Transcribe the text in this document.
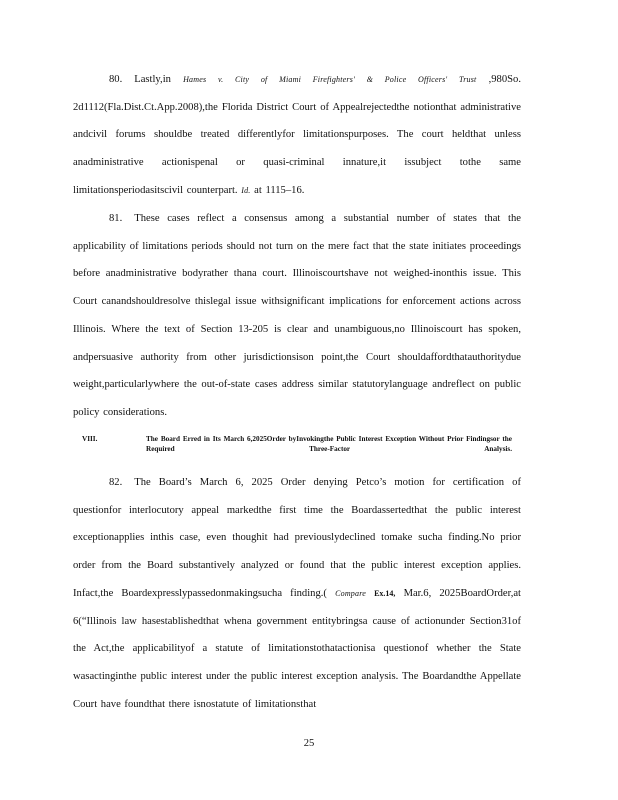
80. Lastly,in Hames v. City of Miami Firefighters' & Police Officers' Trust ,980So. 2d1112(Fla.Dist.Ct.App.2008),the Florida District Court of Appealrejectedthe notionthat administrative andcivil forums shouldbe treated differentlyfor limitationspurposes. The court heldthat unless anadministrative actionispenal or quasi-criminal innature,it issubject tothe same limitationsperiodasitscivil counterpart. Id. at 1115–16.

81. These cases reflect a consensus among a substantial number of states that the applicability of limitations periods should not turn on the mere fact that the state initiates proceedings before anadministrative bodyrather thana court. Illinoiscourtshave not weighed-inonthis issue. This Court canandshouldresolve thislegal issue withsignificant implications for enforcement actions across Illinois. Where the text of Section 13-205 is clear and unambiguous,no Illinoiscourt has spoken, andpersuasive authority from other jurisdictionsison point,the Court shouldaffordthatauthoritydue weight,particularlywhere the out-of-state cases address similar statutorylanguage andreflect on public policy considerations.

VIII.	The Board Erred in Its March 6,2025Order byInvokingthe Public Interest Exception Without Prior Findingsor the Required Three-Factor Analysis.

82. The Board’s March 6, 2025 Order denying Petco’s motion for certification of questionfor interlocutory appeal markedthe first time the Boardassertedthat the public interest exceptionapplies inthis case, even thoughit had previouslydeclined tomake sucha finding.No prior order from the Board substantively analyzed or found that the public interest exception applies. Infact,the Boardexpresslypassedonmakingsucha finding.( Compare Ex.14, Mar.6, 2025BoardOrder,at 6(“Illinois law hasestablishedthat whena government entitybringsa cause of actionunder Section31of the Act,the applicabilityof a statute of limitationstothatactionisa questionof whether the State wasactinginthe public interest under the public interest exception analysis. The Boardandthe Appellate Court have foundthat there isnostatute of limitationsthat

25
